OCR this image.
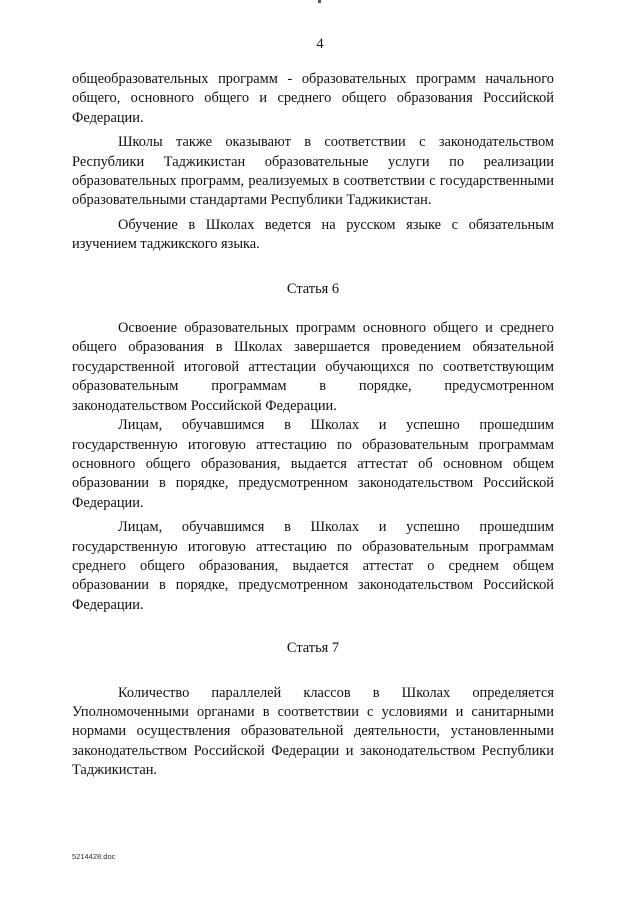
4

общеобразовательных программ - образовательных программ начального общего, основного общего и среднего общего образования Российской Федерации.

Школы также оказывают в соответствии с законодательством Республики Таджикистан образовательные услуги по реализации образовательных программ, реализуемых в соответствии с государственными образовательными стандартами Республики Таджикистан.

Обучение в Школах ведется на русском языке с обязательным изучением таджикского языка.

Статья 6

Освоение образовательных программ основного общего и среднего общего образования в Школах завершается проведением обязательной государственной итоговой аттестации обучающихся по соответствующим образовательным программам в порядке, предусмотренном законодательством Российской Федерации.

Лицам, обучавшимся в Школах и успешно прошедшим государственную итоговую аттестацию по образовательным программам основного общего образования, выдается аттестат об основном общем образовании в порядке, предусмотренном законодательством Российской Федерации.

Лицам, обучавшимся в Школах и успешно прошедшим государственную итоговую аттестацию по образовательным программам среднего общего образования, выдается аттестат о среднем общем образовании в порядке, предусмотренном законодательством Российской Федерации.

Статья 7

Количество параллелей классов в Школах определяется Уполномоченными органами в соответствии с условиями и санитарными нормами осуществления образовательной деятельности, установленными законодательством Российской Федерации и законодательством Республики Таджикистан.

5214428.doc
